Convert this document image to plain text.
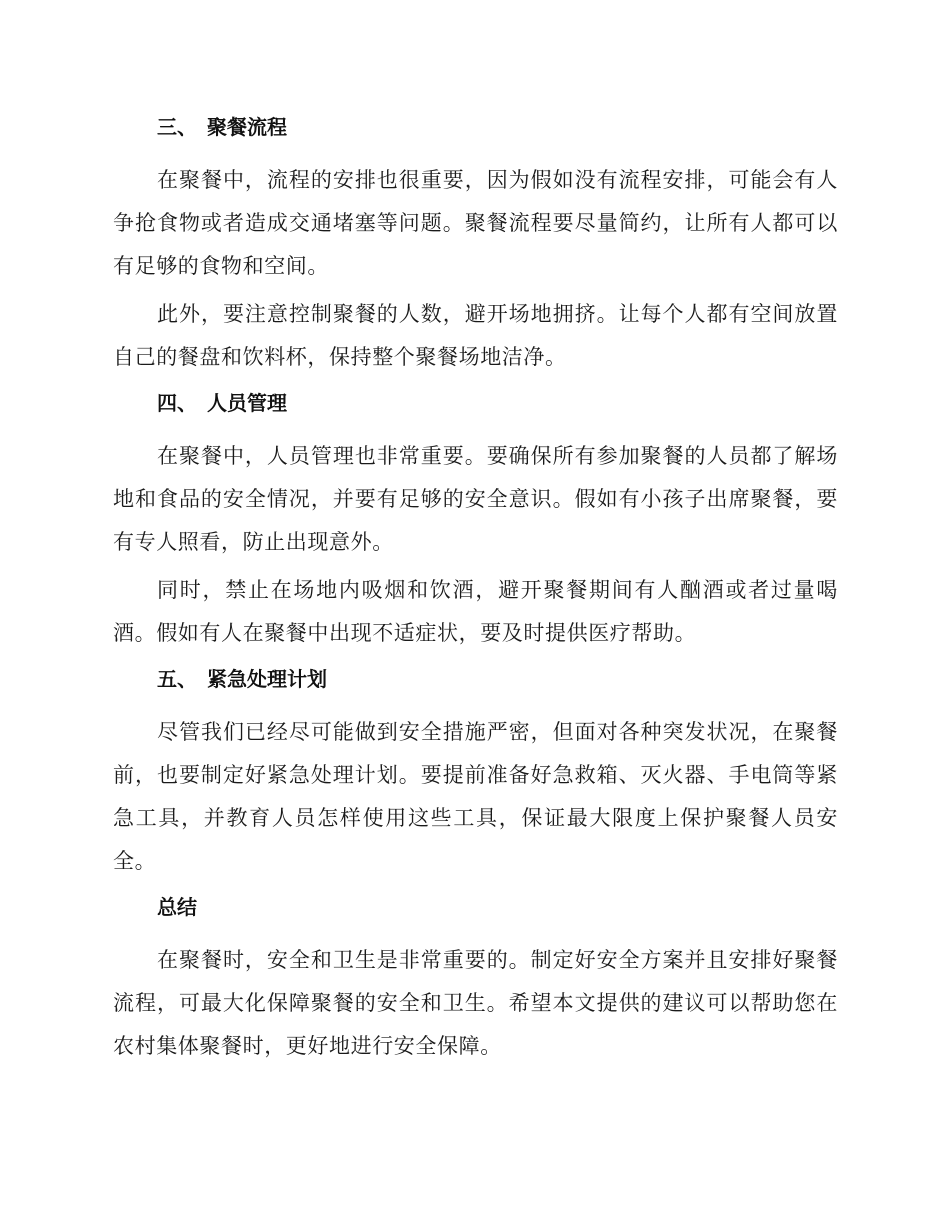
三、 聚餐流程

在聚餐中，流程的安排也很重要，因为假如没有流程安排，可能会有人争抢食物或者造成交通堵塞等问题。聚餐流程要尽量简约，让所有人都可以有足够的食物和空间。

此外，要注意控制聚餐的人数，避开场地拥挤。让每个人都有空间放置自己的餐盘和饮料杯，保持整个聚餐场地洁净。

四、 人员管理

在聚餐中，人员管理也非常重要。要确保所有参加聚餐的人员都了解场地和食品的安全情况，并要有足够的安全意识。假如有小孩子出席聚餐，要有专人照看，防止出现意外。

同时，禁止在场地内吸烟和饮酒，避开聚餐期间有人酗酒或者过量喝酒。假如有人在聚餐中出现不适症状，要及时提供医疗帮助。

五、 紧急处理计划

尽管我们已经尽可能做到安全措施严密，但面对各种突发状况，在聚餐前，也要制定好紧急处理计划。要提前准备好急救箱、灭火器、手电筒等紧急工具，并教育人员怎样使用这些工具，保证最大限度上保护聚餐人员安全。

总结

在聚餐时，安全和卫生是非常重要的。制定好安全方案并且安排好聚餐流程，可最大化保障聚餐的安全和卫生。希望本文提供的建议可以帮助您在农村集体聚餐时，更好地进行安全保障。
